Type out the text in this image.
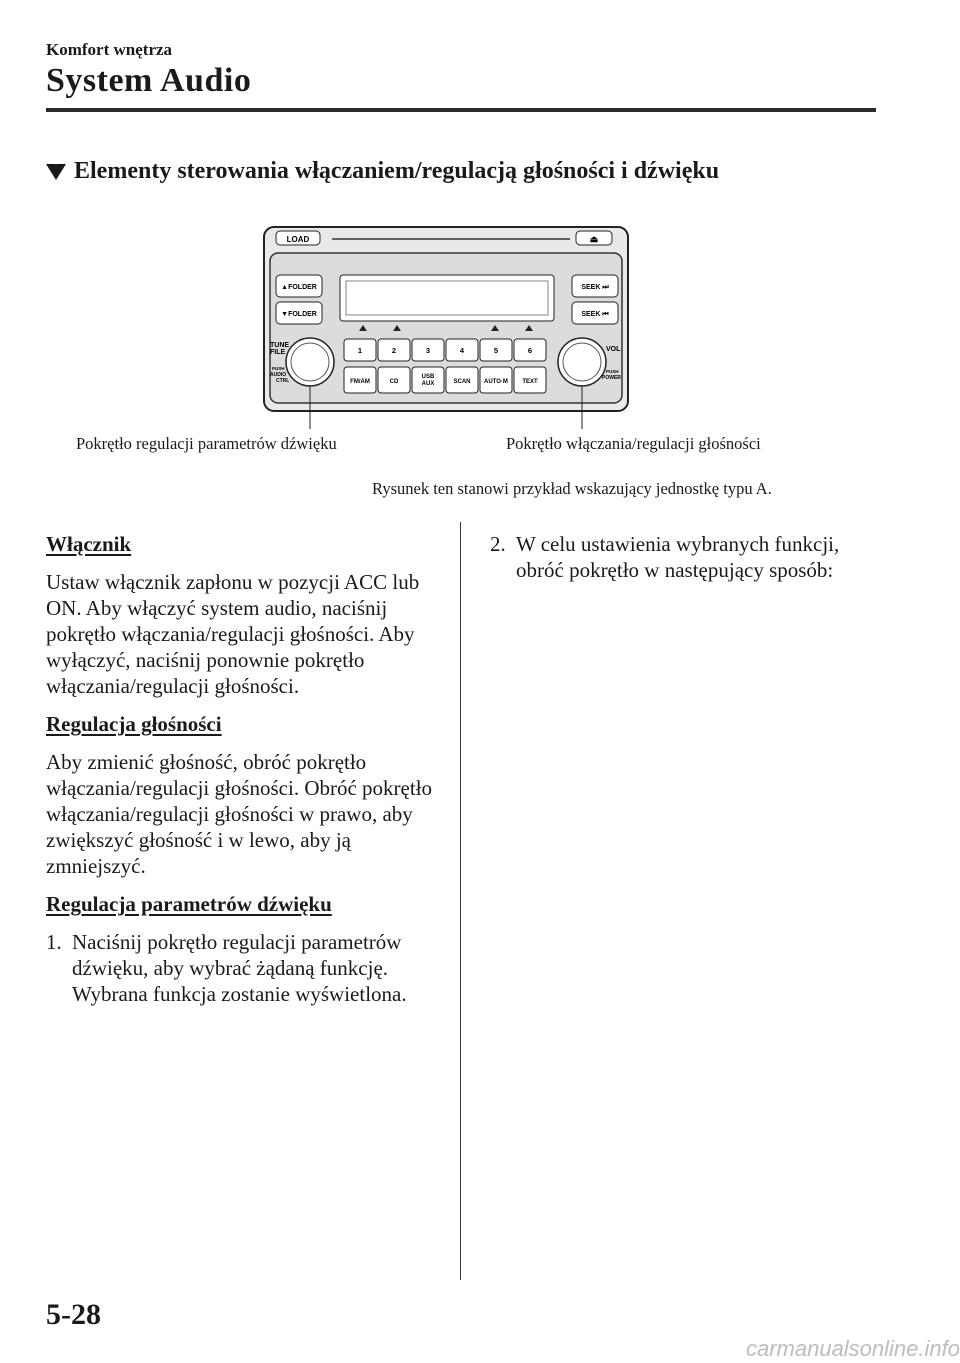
Komfort wnętrza
System Audio
Elementy sterowania włączaniem/regulacją głośności i dźwięku
LOAD	⏏
▲FOLDER
▼FOLDER
SEEK ⏭
SEEK ⏮
TUNE
FILE
PUSH
AUDIO
CTRL
VOL
PUSH
POWER
1	2	3	4	5	6
FM/AM	CD
USB
AUX	SCAN AUTO·M TEXT
Pokrętło regulacji parametrów dźwięku	Pokrętło włączania/regulacji głośności
Rysunek ten stanowi przykład wskazujący jednostkę typu A.
Włącznik

Ustaw włącznik zapłonu w pozycji ACC lub ON. Aby włączyć system audio, naciśnij pokrętło włączania/regulacji głośności. Aby wyłączyć, naciśnij ponownie pokrętło włączania/regulacji głośności.

Regulacja głośności

Aby zmienić głośność, obróć pokrętło włączania/regulacji głośności. Obróć pokrętło włączania/regulacji głośności w prawo, aby zwiększyć głośność i w lewo, aby ją zmniejszyć.

Regulacja parametrów dźwięku
1. Naciśnij pokrętło regulacji parametrów dźwięku, aby wybrać żądaną funkcję. Wybrana funkcja zostanie wyświetlona.
2. W celu ustawienia wybranych funkcji, obróć pokrętło w następujący sposób:
5-28
carmanualsonline.info
